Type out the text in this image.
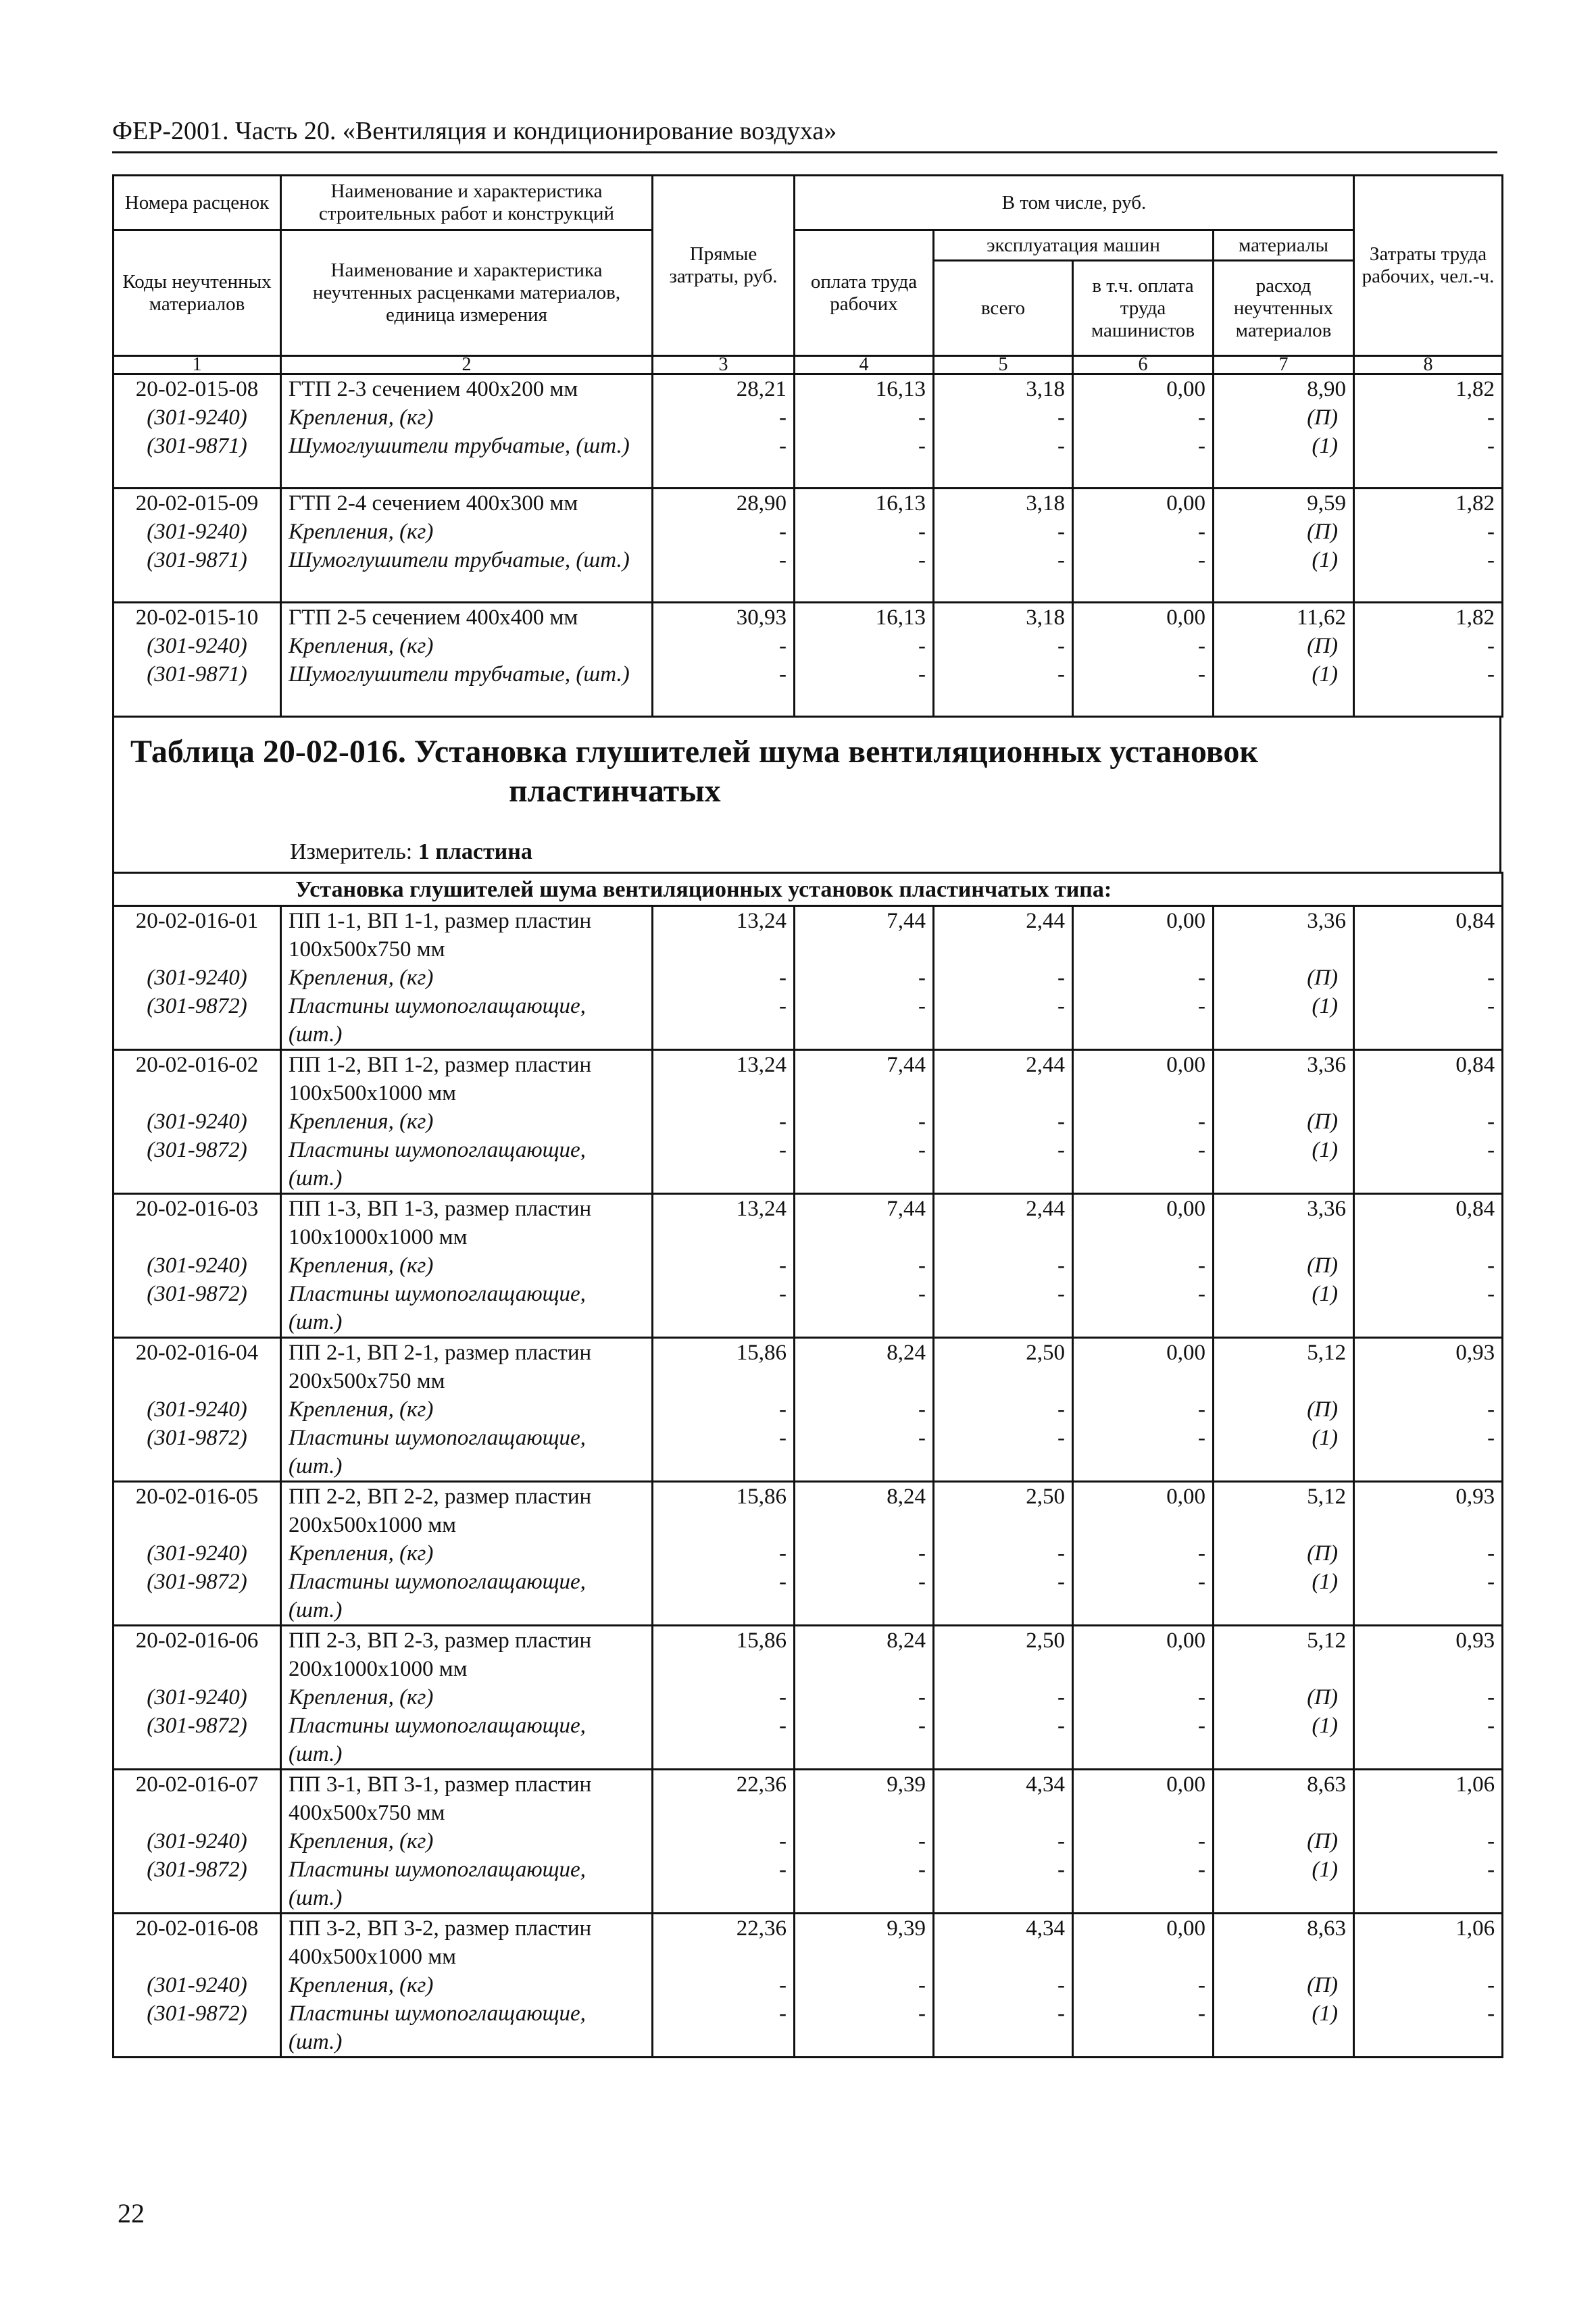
ФЕР-2001. Часть 20. «Вентиляция и кондиционирование воздуха»
Номера расценок	Наименование и характеристика строительных работ и конструкций	Прямые затраты, руб.	В том числе, руб.				Затраты труда рабочих, чел.-ч.
Коды неучтенных материалов	Наименование и характеристика неучтенных расценками материалов, единица измерения		оплата труда рабочих	эксплуатация машин		материалы	
				всего	в т.ч. оплата труда машинистов	расход неучтенных материалов	
1	2	3	4	5	6	7	8
20-02-015-08	ГТП 2-3 сечением 400х200 мм	28,21	16,13	3,18	0,00	8,90	1,82
(301-9240)	Крепления, (кг)	-	-	-	-	(П)	-
(301-9871)	Шумоглушители трубчатые, (шт.)	-	-	-	-	(1)	-
20-02-015-09	ГТП 2-4 сечением 400х300 мм	28,90	16,13	3,18	0,00	9,59	1,82
(301-9240)	Крепления, (кг)	-	-	-	-	(П)	-
(301-9871)	Шумоглушители трубчатые, (шт.)	-	-	-	-	(1)	-
20-02-015-10	ГТП 2-5 сечением 400х400 мм	30,93	16,13	3,18	0,00	11,62	1,82
(301-9240)	Крепления, (кг)	-	-	-	-	(П)	-
(301-9871)	Шумоглушители трубчатые, (шт.)	-	-	-	-	(1)	-
Таблица 20-02-016. Установка глушителей шума вентиляционных установок
пластинчатых
Измеритель: 1 пластина
Установка глушителей шума вентиляционных установок пластинчатых типа:							
20-02-016-01	ПП 1-1, ВП 1-1, размер пластин 100х500х750 мм	13,24	7,44	2,44	0,00	3,36	0,84
(301-9240)	Крепления, (кг)	-	-	-	-	(П)	-
(301-9872)	Пластины шумопоглащающие, (шт.)	-	-	-	-	(1)	-
20-02-016-02	ПП 1-2, ВП 1-2, размер пластин 100х500х1000 мм	13,24	7,44	2,44	0,00	3,36	0,84
(301-9240)	Крепления, (кг)	-	-	-	-	(П)	-
(301-9872)	Пластины шумопоглащающие, (шт.)	-	-	-	-	(1)	-
20-02-016-03	ПП 1-3, ВП 1-3, размер пластин 100х1000х1000 мм	13,24	7,44	2,44	0,00	3,36	0,84
(301-9240)	Крепления, (кг)	-	-	-	-	(П)	-
(301-9872)	Пластины шумопоглащающие, (шт.)	-	-	-	-	(1)	-
20-02-016-04	ПП 2-1, ВП 2-1, размер пластин 200х500х750 мм	15,86	8,24	2,50	0,00	5,12	0,93
(301-9240)	Крепления, (кг)	-	-	-	-	(П)	-
(301-9872)	Пластины шумопоглащающие, (шт.)	-	-	-	-	(1)	-
20-02-016-05	ПП 2-2, ВП 2-2, размер пластин 200х500х1000 мм	15,86	8,24	2,50	0,00	5,12	0,93
(301-9240)	Крепления, (кг)	-	-	-	-	(П)	-
(301-9872)	Пластины шумопоглащающие, (шт.)	-	-	-	-	(1)	-
20-02-016-06	ПП 2-3, ВП 2-3, размер пластин 200х1000х1000 мм	15,86	8,24	2,50	0,00	5,12	0,93
(301-9240)	Крепления, (кг)	-	-	-	-	(П)	-
(301-9872)	Пластины шумопоглащающие, (шт.)	-	-	-	-	(1)	-
20-02-016-07	ПП 3-1, ВП 3-1, размер пластин 400х500х750 мм	22,36	9,39	4,34	0,00	8,63	1,06
(301-9240)	Крепления, (кг)	-	-	-	-	(П)	-
(301-9872)	Пластины шумопоглащающие, (шт.)	-	-	-	-	(1)	-
20-02-016-08	ПП 3-2, ВП 3-2, размер пластин 400х500х1000 мм	22,36	9,39	4,34	0,00	8,63	1,06
(301-9240)	Крепления, (кг)	-	-	-	-	(П)	-
(301-9872)	Пластины шумопоглащающие, (шт.)	-	-	-	-	(1)	-
22
